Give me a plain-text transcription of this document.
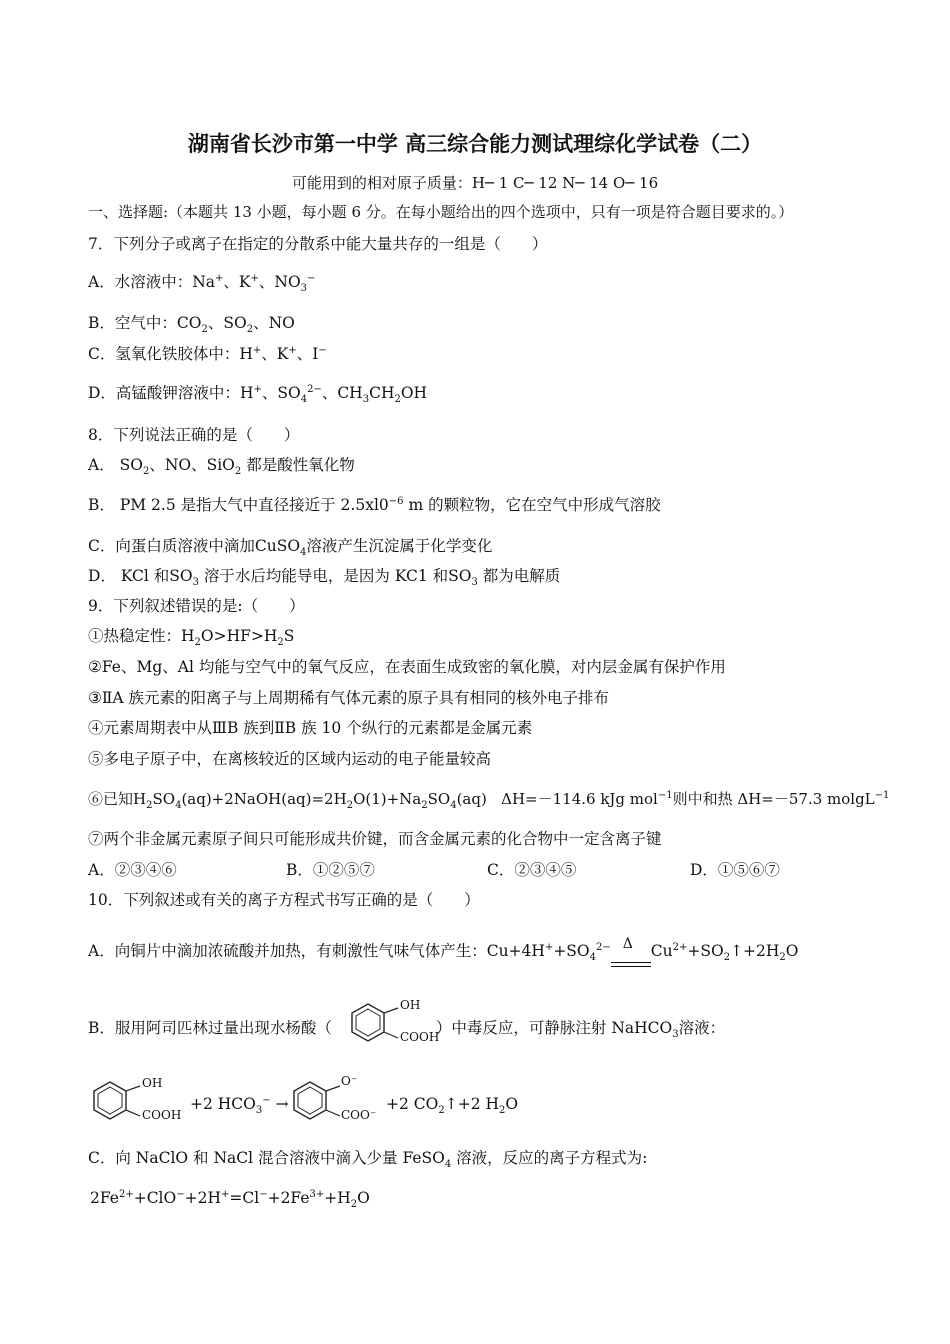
湖南省长沙市第一中学 高三综合能力测试理综化学试卷（二）
可能用到的相对原子质量：H─ 1 C─ 12 N─ 14 O─ 16
一、选择题:（本题共 13 小题，每小题 6 分。在每小题给出的四个选项中，只有一项是符合题目要求的。）
7．下列分子或离子在指定的分散系中能大量共存的一组是（　　）
A．水溶液中：Na+、K+、$NO_3^-$
B．空气中：$CO_2$、$SO_2$、NO
C．氢氧化铁胶体中：H+、K+、I−
D．高锰酸钾溶液中：H+、$SO_4^{2-}$、$CH_3CH_2OH$
8．下列说法正确的是（　　）
A． $SO_2$、NO、SiO$_2$ 都是酸性氧化物
B． PM 2.5 是指大气中直径接近于 $2.5xl0^{-6}$ m 的颗粒物，它在空气中形成气溶胶
C．向蛋白质溶液中滴加CuSO$_4$溶液产生沉淀属于化学变化
D． KCl 和$SO_3$ 溶于水后均能导电，是因为 KC1 和$SO_3$ 都为电解质
9．下列叙述错误的是:（　　）
①热稳定性：$H_2O>HF>H_2S$
②Fe、Mg、Al 均能与空气中的氧气反应，在表面生成致密的氧化膜，对内层金属有保护作用
③ⅡA 族元素的阳离子与上周期稀有气体元素的原子具有相同的核外电子排布
④元素周期表中从ⅢB 族到ⅡB 族 10 个纵行的元素都是金属元素
⑤多电子原子中，在离核较近的区域内运动的电子能量较高
⑥已知$H_2SO_4(aq)+2NaOH(aq)=2H_2O(1)+Na_2SO_4(aq)$   ΔH=－114.6 kJg mol$^{-1}$则中和热 ΔH=－57.3 molgL$^{-1}$
⑦两个非金属元素原子间只可能形成共价键，而含金属元素的化合物中一定含离子键
A．②③④⑥	B．①②⑤⑦	C．②③④⑤	D．①⑤⑥⑦
10．下列叙述或有关的离子方程式书写正确的是（　　）
A．向铜片中滴加浓硫酸并加热，有刺激性气味气体产生：$Cu+4H^++SO_4^{2-}$ Δ $Cu^{2+}+SO_2↑+2H_2O$
B．服用阿司匹林过量出现水杨酸（	）中毒反应，可静脉注射 NaHCO$_3$溶液：
OH
COOH
OH
COOH
+2 $HCO_3^-$ →
O⁻
COO⁻
+2 $CO_2↑+2$ $H_2O$
C．向 NaClO 和 NaCl 混合溶液中滴入少量 FeSO$_4$ 溶液，反应的离子方程式为:
$2Fe^{2+}+ClO^-+2H^+=Cl^-+2Fe^{3+}+H_2O$
